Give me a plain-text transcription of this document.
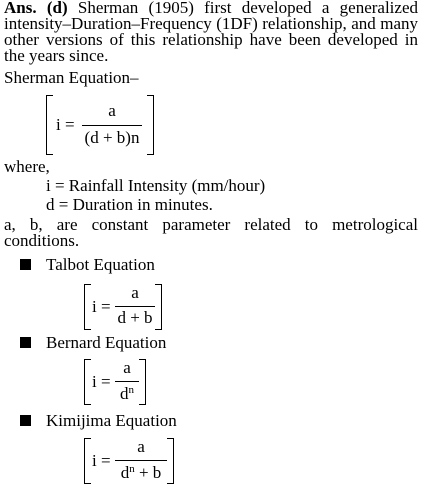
Ans. (d) Sherman (1905) first developed a generalized intensity–Duration–Frequency (1DF) relationship, and many other versions of this relationship have been developed in the years since.
Sherman Equation–
i =
a
(d + b)n
where,
i = Rainfall Intensity (mm/hour)
d = Duration in minutes.
a, b, are constant parameter related to metrological conditions.
Talbot Equation
i =
a
d + b
Bernard Equation
i =
a
$d^n$
Kimijima Equation
i =
a
$d^n + b$
